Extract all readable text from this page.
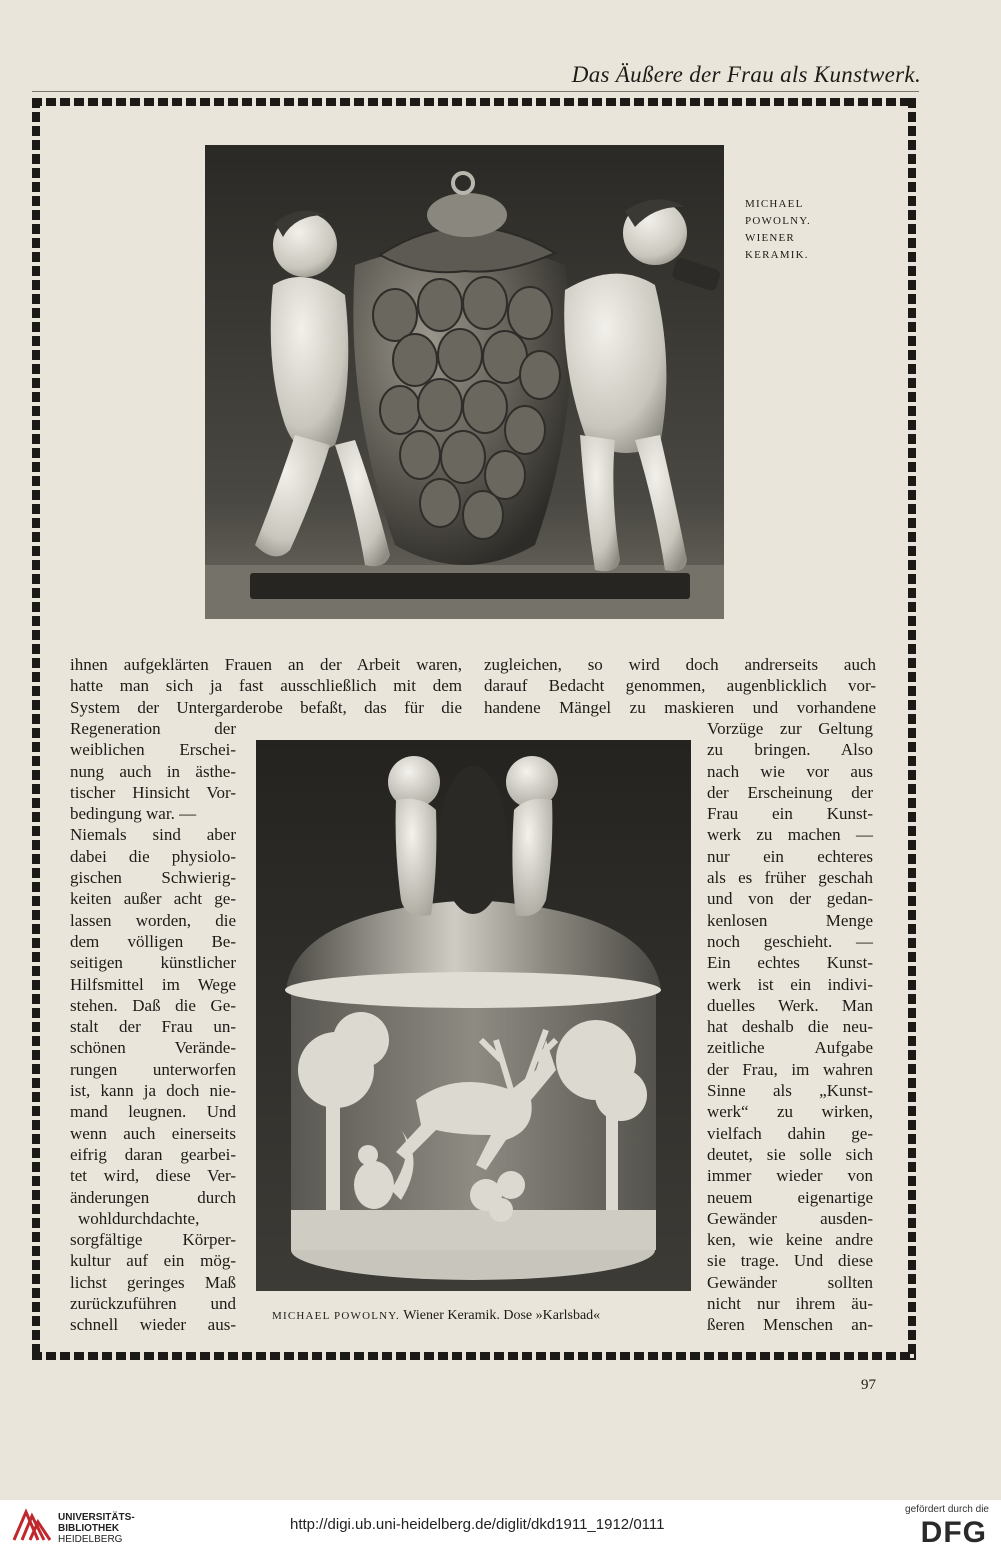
Das Äußere der Frau als Kunstwerk.
MICHAEL
POWOLNY.
WIENER
KERAMIK.

ihnen aufgeklärten Frauen an der Arbeit waren,

hatte man sich ja fast ausschließlich mit dem

System der Untergarderobe befaßt, das für die

zugleichen, so wird doch andrerseits auch

darauf Bedacht genommen, augenblicklich vor-

handene Mängel zu maskieren und vorhandene

Regeneration der

weiblichen Erschei-

nung auch in ästhe-

tischer Hinsicht Vor-

bedingung war. —

Niemals sind aber

dabei die physiolo-

gischen Schwierig-

keiten außer acht ge-

lassen worden, die

dem völligen Be-

seitigen künstlicher

Hilfsmittel im Wege

stehen. Daß die Ge-

stalt der Frau un-

schönen Verände-

rungen unterworfen

ist, kann ja doch nie-

mand leugnen. Und

wenn auch einerseits

eifrig daran gearbei-

tet wird, diese Ver-

änderungen durch

wohldurchdachte,

sorgfältige Körper-

kultur auf ein mög-

lichst geringes Maß

zurückzuführen und

schnell wieder aus-

Vorzüge zur Geltung

zu bringen. Also

nach wie vor aus

der Erscheinung der

Frau ein Kunst-

werk zu machen —

nur ein echteres

als es früher geschah

und von der gedan-

kenlosen Menge

noch geschieht. —

Ein echtes Kunst-

werk ist ein indivi-

duelles Werk. Man

hat deshalb die neu-

zeitliche Aufgabe

der Frau, im wahren

Sinne als „Kunst-

werk“ zu wirken,

vielfach dahin ge-

deutet, sie solle sich

immer wieder von

neuem eigenartige

Gewänder ausden-

ken, wie keine andre

sie trage. Und diese

Gewänder sollten

nicht nur ihrem äu-

ßeren Menschen an-

MICHAEL POWOLNY. Wiener Keramik. Dose »Karlsbad«
97
UNIVERSITÄTS-
BIBLIOTHEK
HEIDELBERG
http://digi.ub.uni-heidelberg.de/diglit/dkd1911_1912/0111
gefördert durch die
DFG
